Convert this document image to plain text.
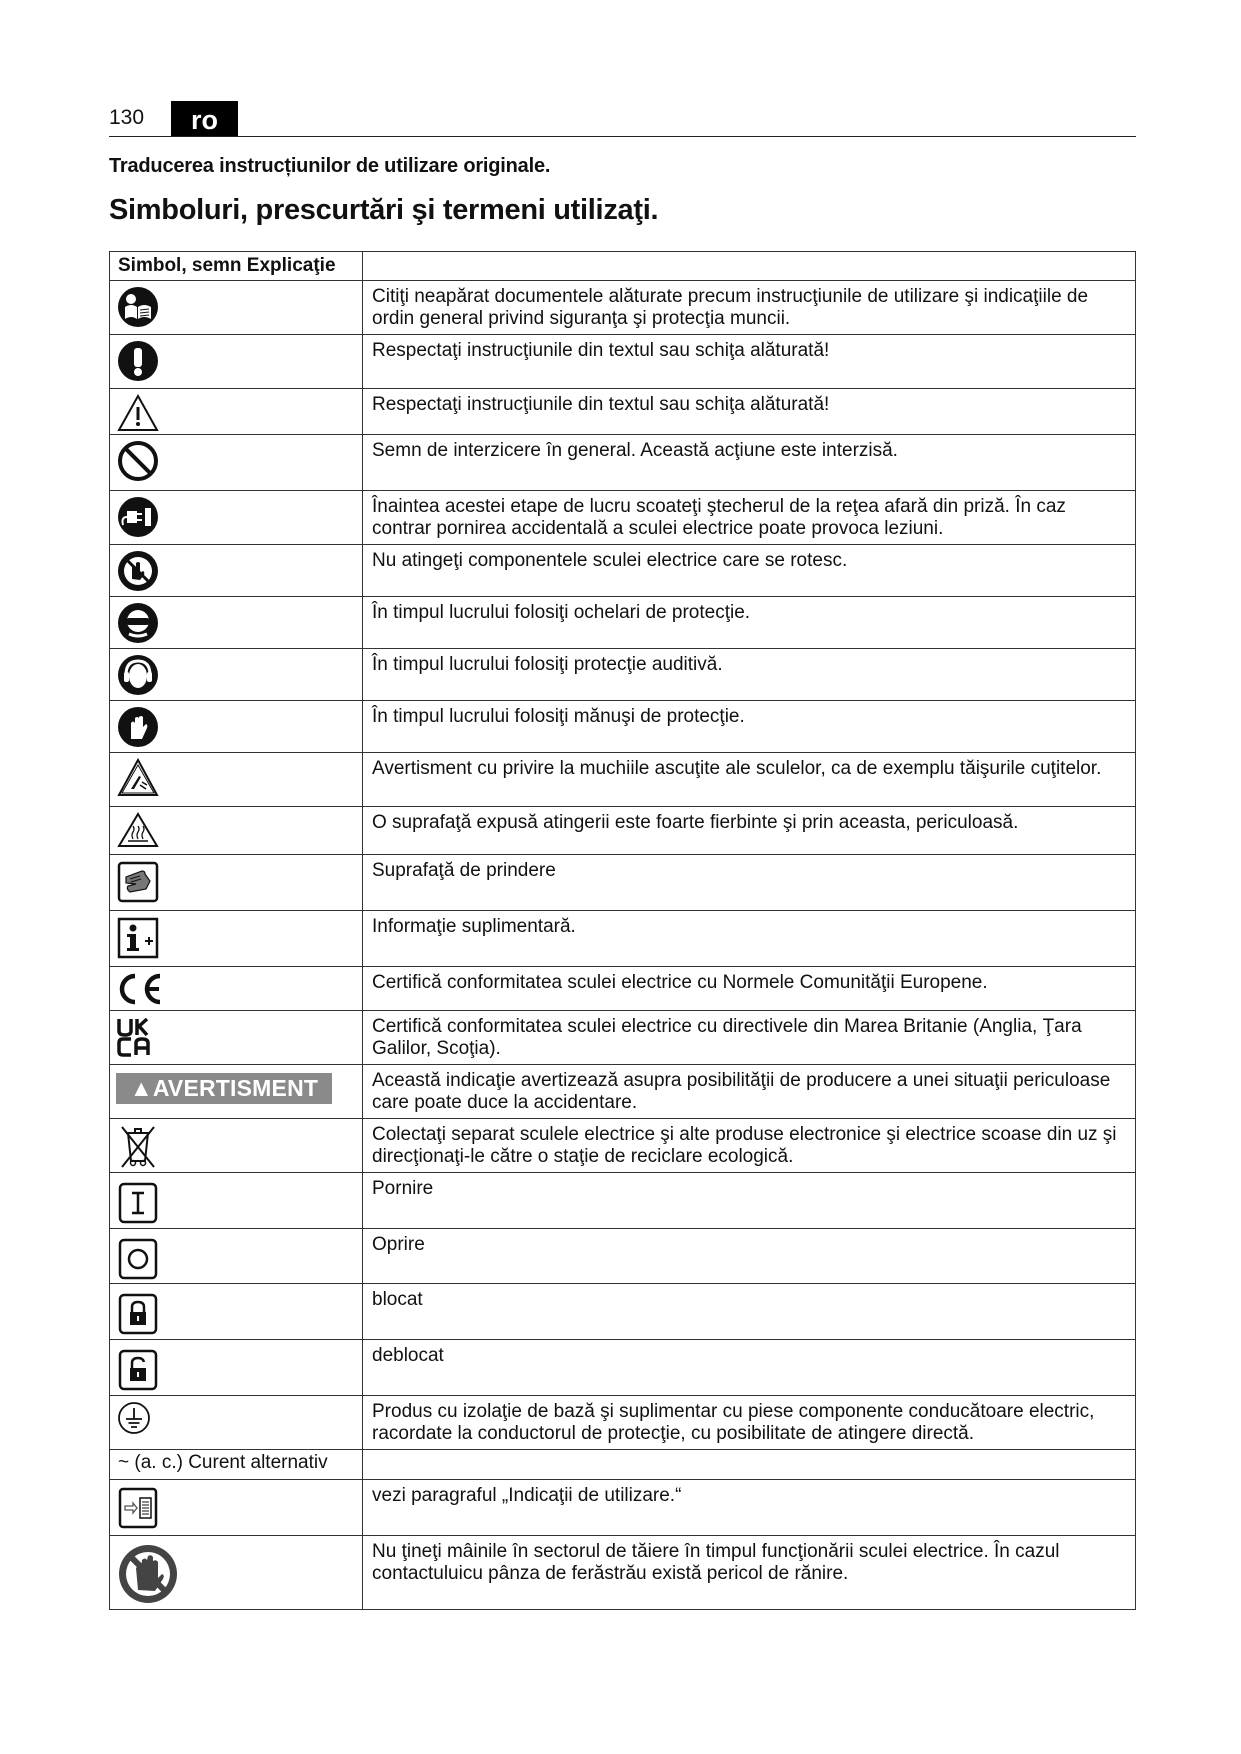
130	ro
Traducerea instrucțiunilor de utilizare originale.
Simboluri, prescurtări şi termeni utilizaţi.
Simbol, semn Explicaţie	

	Citiţi neapărat documentele alăturate precum instrucţiunile de utilizare şi indicaţiile de ordin general privind siguranţa şi protecţia muncii.

	Respectaţi instrucţiunile din textul sau schiţa alăturată!

	Respectaţi instrucţiunile din textul sau schiţa alăturată!

	Semn de interzicere în general. Această acţiune este interzisă.

	Înaintea acestei etape de lucru scoateţi ştecherul de la reţea afară din priză. În caz contrar pornirea accidentală a sculei electrice poate provoca leziuni.

	Nu atingeţi componentele sculei electrice care se rotesc.

	În timpul lucrului folosiţi ochelari de protecţie.

	În timpul lucrului folosiţi protecţie auditivă.

	În timpul lucrului folosiţi mănuşi de protecţie.

	Avertisment cu privire la muchiile ascuţite ale sculelor, ca de exemplu tăişurile cuţitelor.

	O suprafaţă expusă atingerii este foarte fierbinte şi prin aceasta, periculoasă.

	Suprafaţă de prindere

	Informaţie suplimentară.

	Certifică conformitatea sculei electrice cu Normele Comunităţii Europene.

	Certifică conformitatea sculei electrice cu directivele din Marea Britanie (Anglia, Ţara Galilor, Scoţia).

▲AVERTISMENT	Această indicaţie avertizează asupra posibilităţii de producere a unei situaţii periculoase care poate duce la accidentare.

	Colectaţi separat sculele electrice şi alte produse electronice şi electrice scoase din uz şi direcţionaţi-le către o staţie de reciclare ecologică.

	Pornire

	Oprire

	blocat

	deblocat

	Produs cu izolaţie de bază şi suplimentar cu piese componente conducătoare electric, racordate la conductorul de protecţie, cu posibilitate de atingere directă.
~ (a. c.) Curent alternativ	

	vezi paragraful „Indicaţii de utilizare.“

	Nu ţineţi mâinile în sectorul de tăiere în timpul funcţionării sculei electrice. În cazul contactuluicu pânza de ferăstrău există pericol de rănire.
